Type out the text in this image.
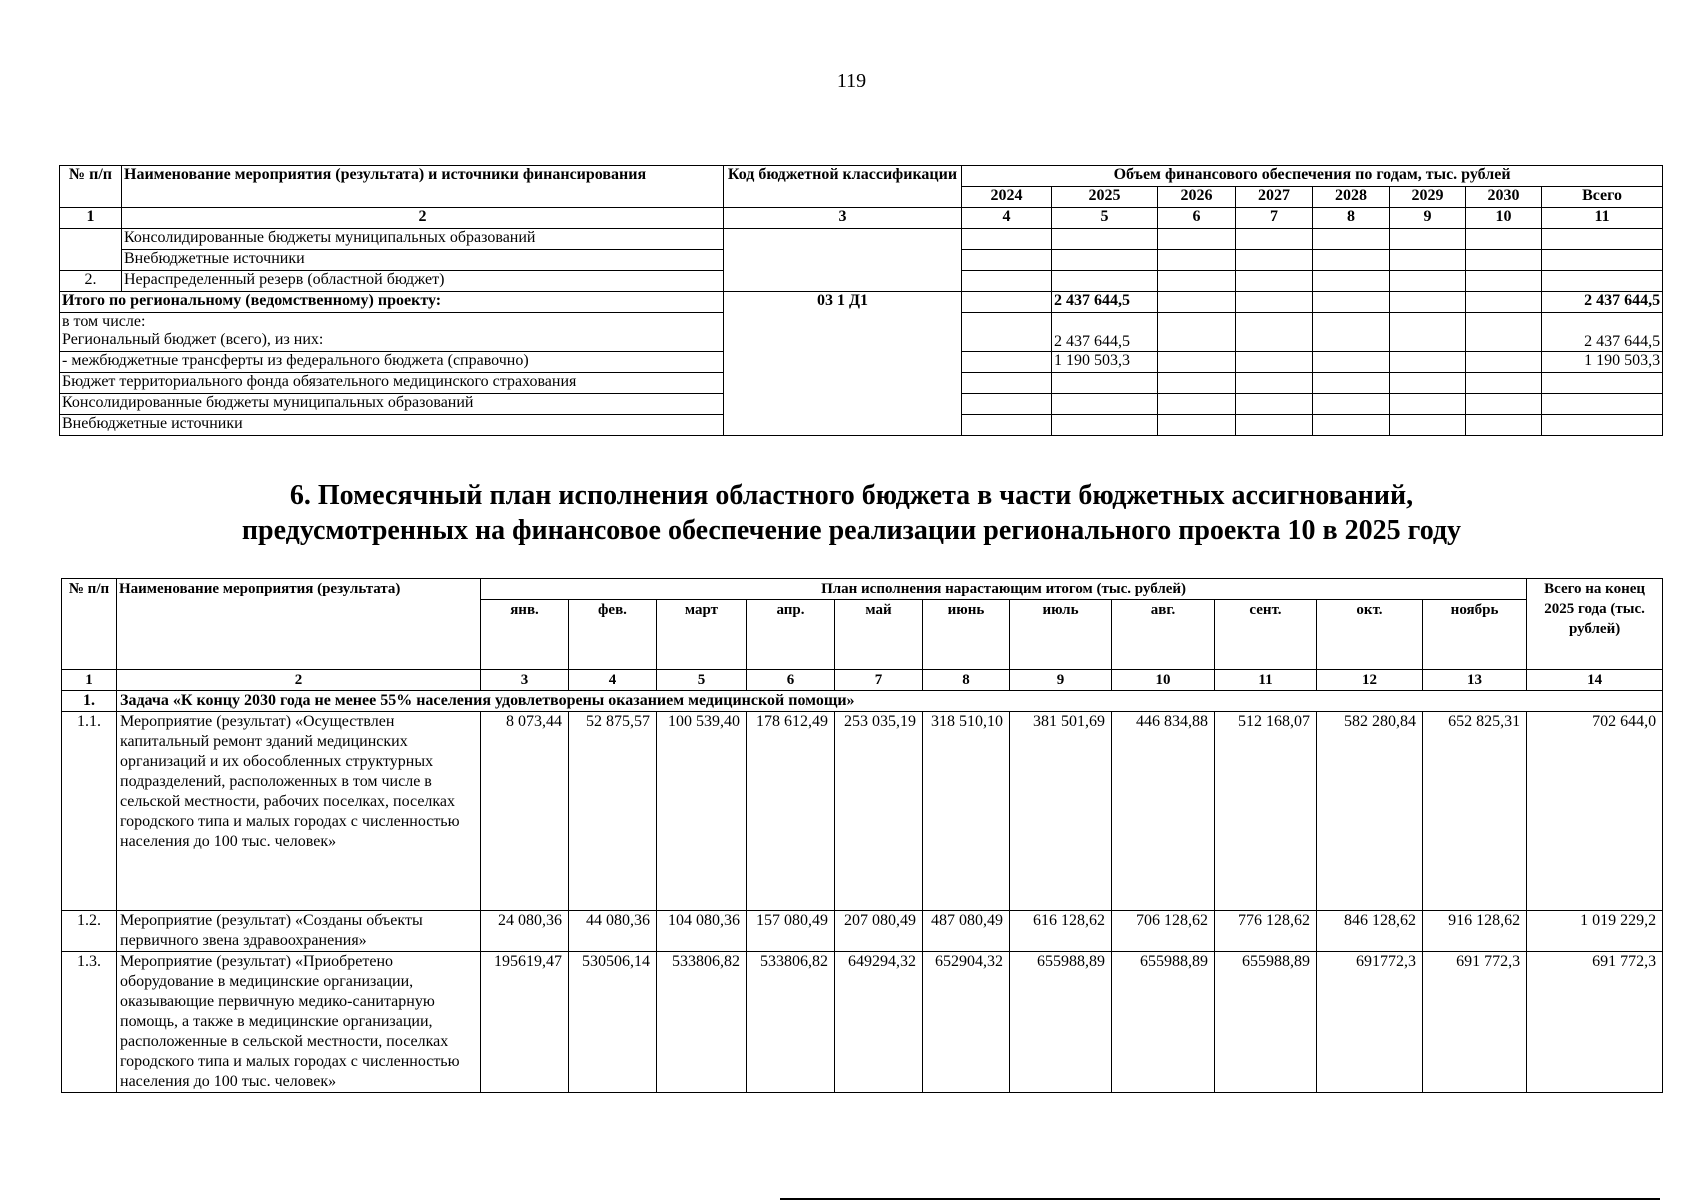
119
№ п/п	Наименование мероприятия (результата) и источники финансирования	Код бюджетной классификации	Объем финансового обеспечения по годам, тыс. рублей							
			2024	2025	2026	2027	2028	2029	2030	Всего
1	2	3	4	5	6	7	8	9	10	11
	Консолидированные бюджеты муниципальных образований									
	Внебюджетные источники									
2.	Нераспределенный резерв (областной бюджет)									
Итого по региональному (ведомственному) проекту:		03 1 Д1		2 437 644,5						2 437 644,5

в том числе:
Региональный бюджет (всего), из них:				2 437 644,5						2 437 644,5
- межбюджетные трансферты из федерального бюджета (справочно)				1 190 503,3						1 190 503,3
Бюджет территориального фонда обязательного медицинского страхования										
Консолидированные бюджеты муниципальных образований										
Внебюджетные источники										
6. Помесячный план исполнения областного бюджета в части бюджетных ассигнований,
предусмотренных на финансовое обеспечение реализации регионального проекта 10 в 2025 году
№ п/п	Наименование мероприятия (результата)	План исполнения нарастающим итогом (тыс. рублей)											Всего на конец 2025 года (тыс. рублей)
		янв.	фев.	март	апр.	май	июнь	июль	авг.	сент.	окт.	ноябрь	
1	2	3	4	5	6	7	8	9	10	11	12	13	14
1.	Задача «К концу 2030 года не менее 55% населения удовлетворены оказанием медицинской помощи»												
1.1.	Мероприятие (результат) «Осуществлен капитальный ремонт зданий медицинских организаций и их обособленных структурных подразделений, расположенных в том числе в сельской местности, рабочих поселках, поселках городского типа и малых городах с численностью населения до 100 тыс. человек»	8 073,44	52 875,57	100 539,40	178 612,49	253 035,19	318 510,10	381 501,69	446 834,88	512 168,07	582 280,84	652 825,31	702 644,0
1.2.	Мероприятие (результат) «Созданы объекты первичного звена здравоохранения»	24 080,36	44 080,36	104 080,36	157 080,49	207 080,49	487 080,49	616 128,62	706 128,62	776 128,62	846 128,62	916 128,62	1 019 229,2
1.3.	Мероприятие (результат) «Приобретено оборудование в медицинские организации, оказывающие первичную медико-санитарную помощь, а также в медицинские организации, расположенные в сельской местности, поселках городского типа и малых городах с численностью населения до 100 тыс. человек»	195619,47	530506,14	533806,82	533806,82	649294,32	652904,32	655988,89	655988,89	655988,89	691772,3	691 772,3	691 772,3
